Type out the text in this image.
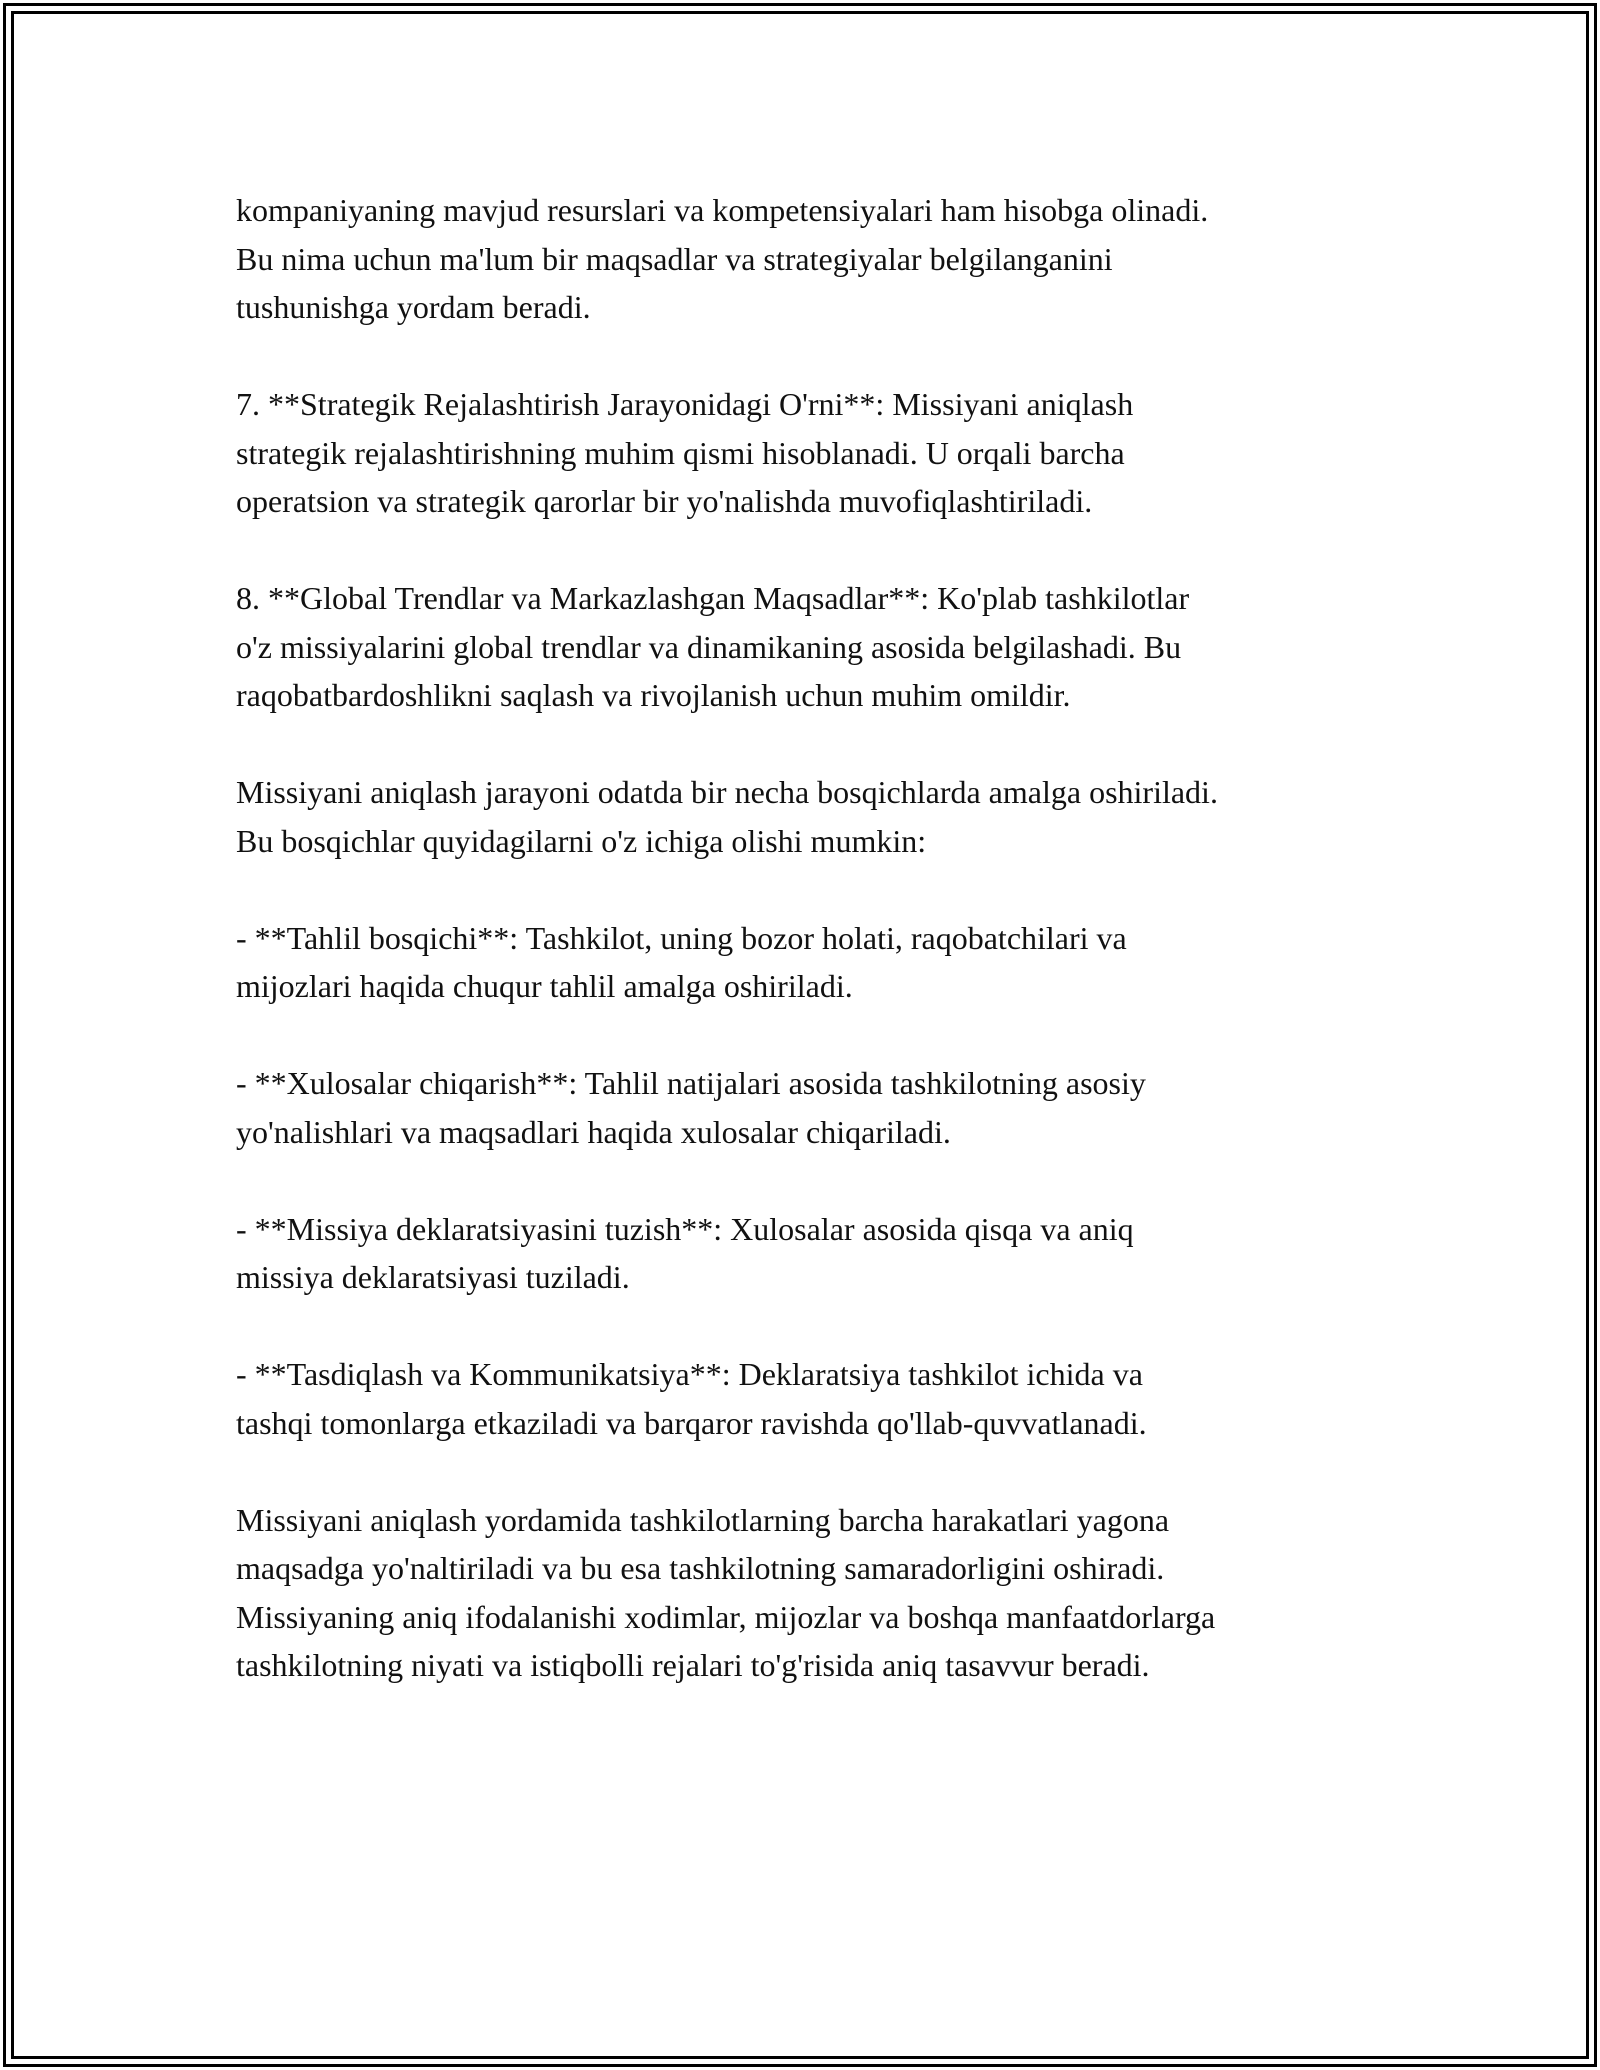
kompaniyaning mavjud resurslari va kompetensiyalari ham hisobga olinadi.
Bu nima uchun ma'lum bir maqsadlar va strategiyalar belgilanganini
tushunishga yordam beradi.

7. **Strategik Rejalashtirish Jarayonidagi O'rni**: Missiyani aniqlash
strategik rejalashtirishning muhim qismi hisoblanadi. U orqali barcha
operatsion va strategik qarorlar bir yo'nalishda muvofiqlashtiriladi.

8. **Global Trendlar va Markazlashgan Maqsadlar**: Ko'plab tashkilotlar
o'z missiyalarini global trendlar va dinamikaning asosida belgilashadi. Bu
raqobatbardoshlikni saqlash va rivojlanish uchun muhim omildir.

Missiyani aniqlash jarayoni odatda bir necha bosqichlarda amalga oshiriladi.
Bu bosqichlar quyidagilarni o'z ichiga olishi mumkin:

- **Tahlil bosqichi**: Tashkilot, uning bozor holati, raqobatchilari va
mijozlari haqida chuqur tahlil amalga oshiriladi.

- **Xulosalar chiqarish**: Tahlil natijalari asosida tashkilotning asosiy
yo'nalishlari va maqsadlari haqida xulosalar chiqariladi.

- **Missiya deklaratsiyasini tuzish**: Xulosalar asosida qisqa va aniq
missiya deklaratsiyasi tuziladi.

- **Tasdiqlash va Kommunikatsiya**: Deklaratsiya tashkilot ichida va
tashqi tomonlarga etkaziladi va barqaror ravishda qo'llab-quvvatlanadi.

Missiyani aniqlash yordamida tashkilotlarning barcha harakatlari yagona
maqsadga yo'naltiriladi va bu esa tashkilotning samaradorligini oshiradi.
Missiyaning aniq ifodalanishi xodimlar, mijozlar va boshqa manfaatdorlarga
tashkilotning niyati va istiqbolli rejalari to'g'risida aniq tasavvur beradi.
